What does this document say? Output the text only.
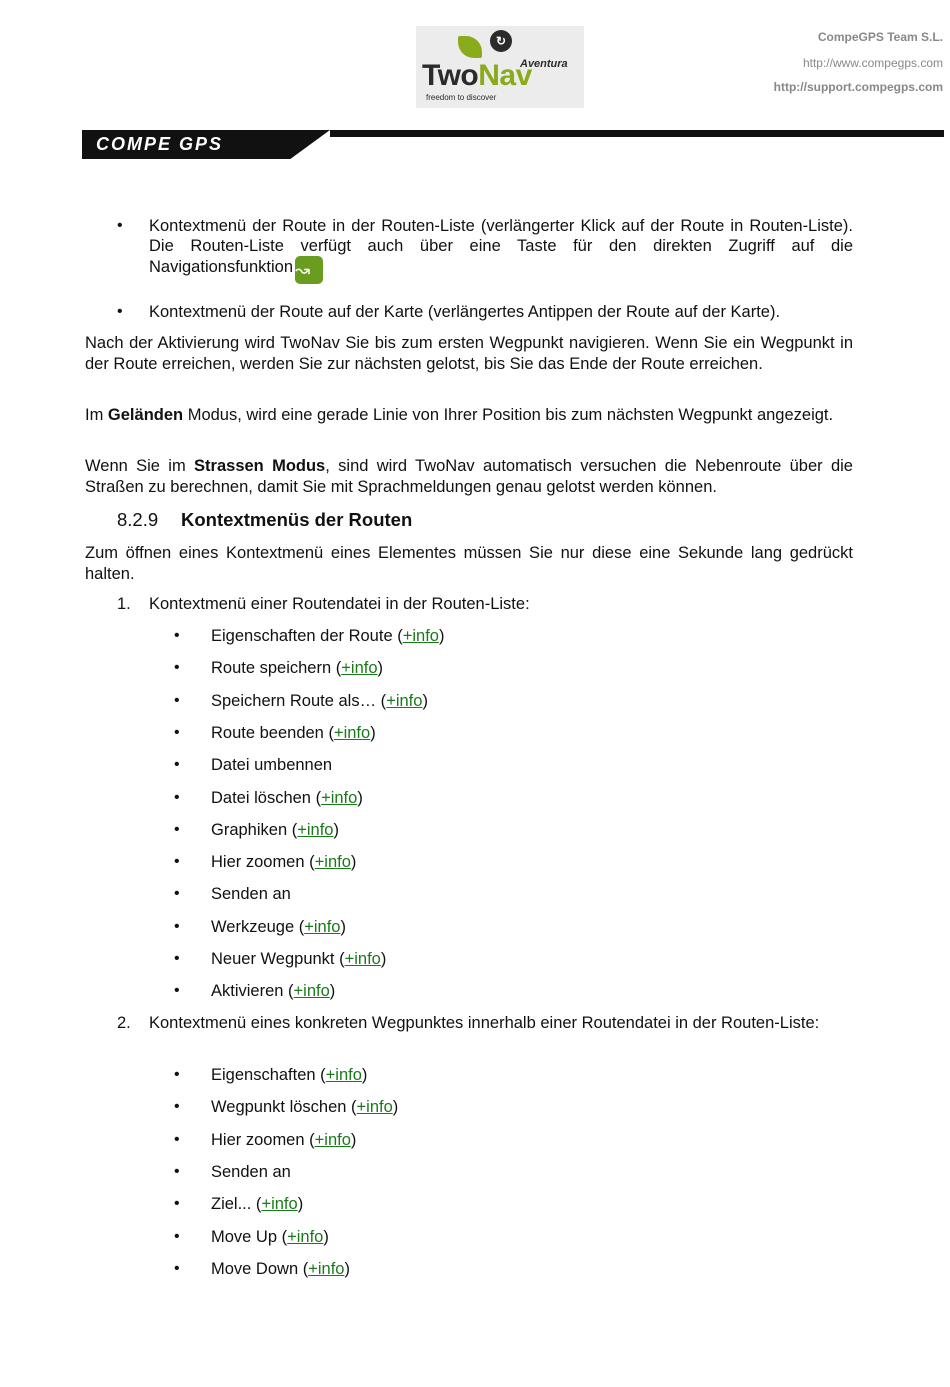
↻
Aventura
TwoNav
freedom to discover
CompeGPS Team S.L.
http://www.compegps.com
http://support.compegps.com
COMPE GPS
• Kontextmenü der Route in der Routen-Liste (verlängerter Klick auf der Route in Routen-Liste). Die Routen-Liste verfügt auch über eine Taste für den direkten Zugriff auf die Navigationsfunktion ↝
• Kontextmenü der Route auf der Karte (verlängertes Antippen der Route auf der Karte).
Nach der Aktivierung wird TwoNav Sie bis zum ersten Wegpunkt navigieren. Wenn Sie ein Wegpunkt in der Route erreichen, werden Sie zur nächsten gelotst, bis Sie das Ende der Route erreichen.
Im Geländen Modus, wird eine gerade Linie von Ihrer Position bis zum nächsten Wegpunkt angezeigt.
Wenn Sie im Strassen Modus, sind wird TwoNav automatisch versuchen die Nebenroute über die Straßen zu berechnen, damit Sie mit Sprachmeldungen genau gelotst werden können.
8.2.9 Kontextmenüs der Routen
Zum öffnen eines Kontextmenü eines Elementes müssen Sie nur diese eine Sekunde lang gedrückt halten.
1. Kontextmenü einer Routendatei in der Routen-Liste:
• Eigenschaften der Route (+info)
• Route speichern (+info)
• Speichern Route als… (+info)
• Route beenden (+info)
• Datei umbennen
• Datei löschen (+info)
• Graphiken (+info)
• Hier zoomen (+info)
• Senden an
• Werkzeuge (+info)
• Neuer Wegpunkt (+info)
• Aktivieren (+info)
2. Kontextmenü eines konkreten Wegpunktes innerhalb einer Routendatei in der Routen-Liste:
• Eigenschaften (+info)
• Wegpunkt löschen (+info)
• Hier zoomen (+info)
• Senden an
• Ziel... (+info)
• Move Up (+info)
• Move Down (+info)
